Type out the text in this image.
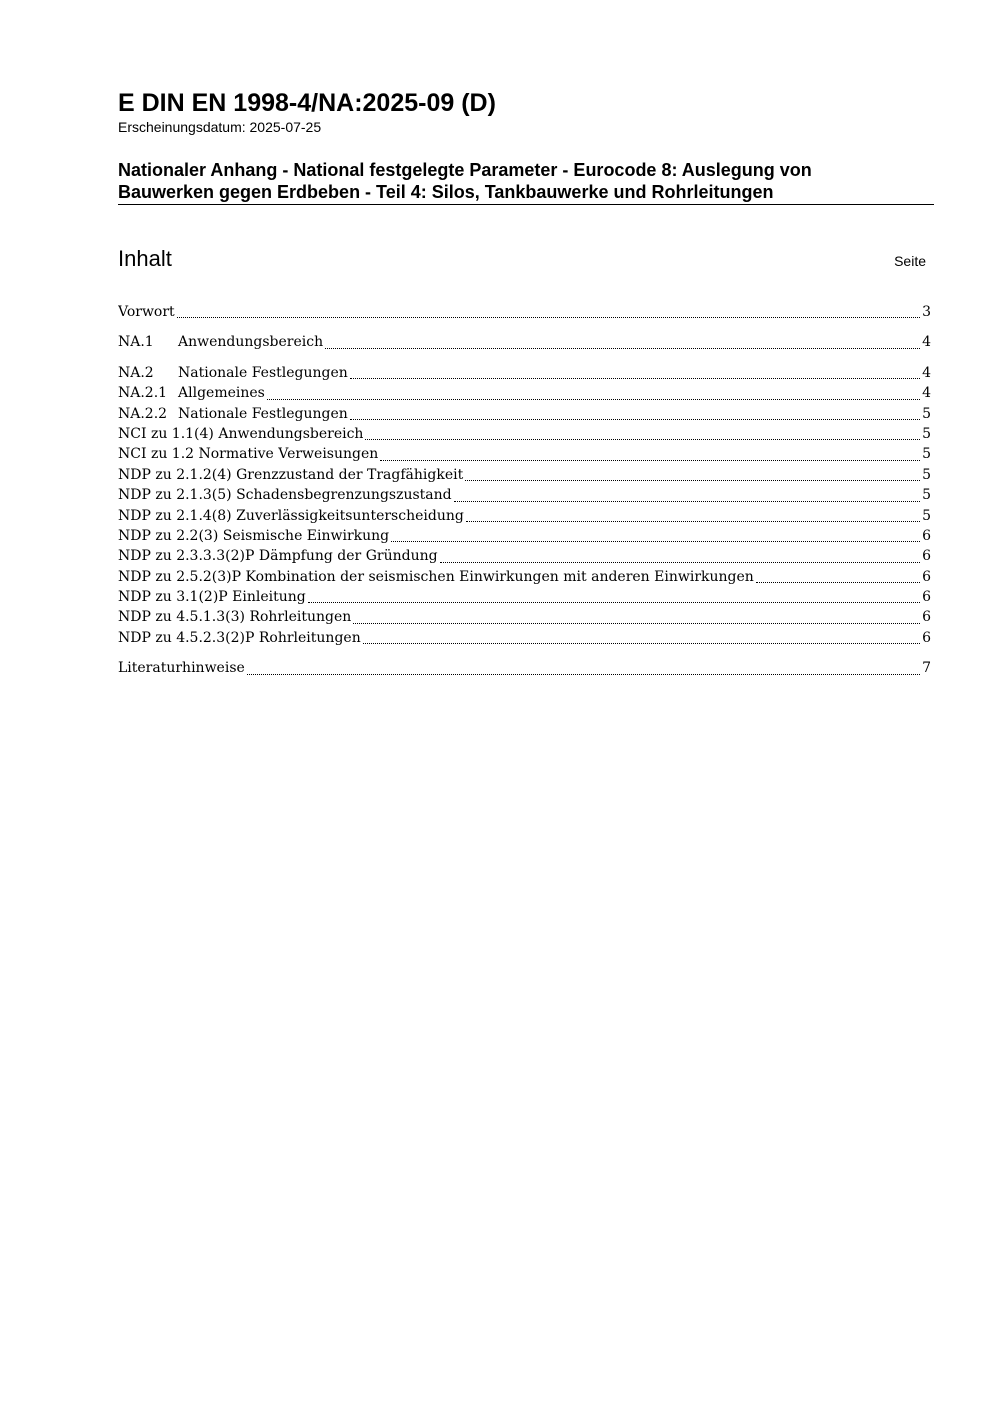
E DIN EN 1998-4/NA:2025-09 (D)

Erscheinungsdatum: 2025-07-25

Nationaler Anhang - National festgelegte Parameter - Eurocode 8: Auslegung von
Bauwerken gegen Erdbeben - Teil 4: Silos, Tankbauwerke und Rohrleitungen
Inhalt	Seite
Vorwort	3
NA.1	Anwendungsbereich	4
NA.2	Nationale Festlegungen	4
NA.2.1 Allgemeines	4
NA.2.2 Nationale Festlegungen	5
NCI zu 1.1(4) Anwendungsbereich	5
NCI zu 1.2 Normative Verweisungen	5
NDP zu 2.1.2(4) Grenzzustand der Tragfähigkeit	5
NDP zu 2.1.3(5) Schadensbegrenzungszustand	5
NDP zu 2.1.4(8) Zuverlässigkeitsunterscheidung	5
NDP zu 2.2(3) Seismische Einwirkung	6
NDP zu 2.3.3.3(2)P Dämpfung der Gründung	6
NDP zu 2.5.2(3)P Kombination der seismischen Einwirkungen mit anderen Einwirkungen	6
NDP zu 3.1(2)P Einleitung	6
NDP zu 4.5.1.3(3) Rohrleitungen	6
NDP zu 4.5.2.3(2)P Rohrleitungen	6
Literaturhinweise	7
